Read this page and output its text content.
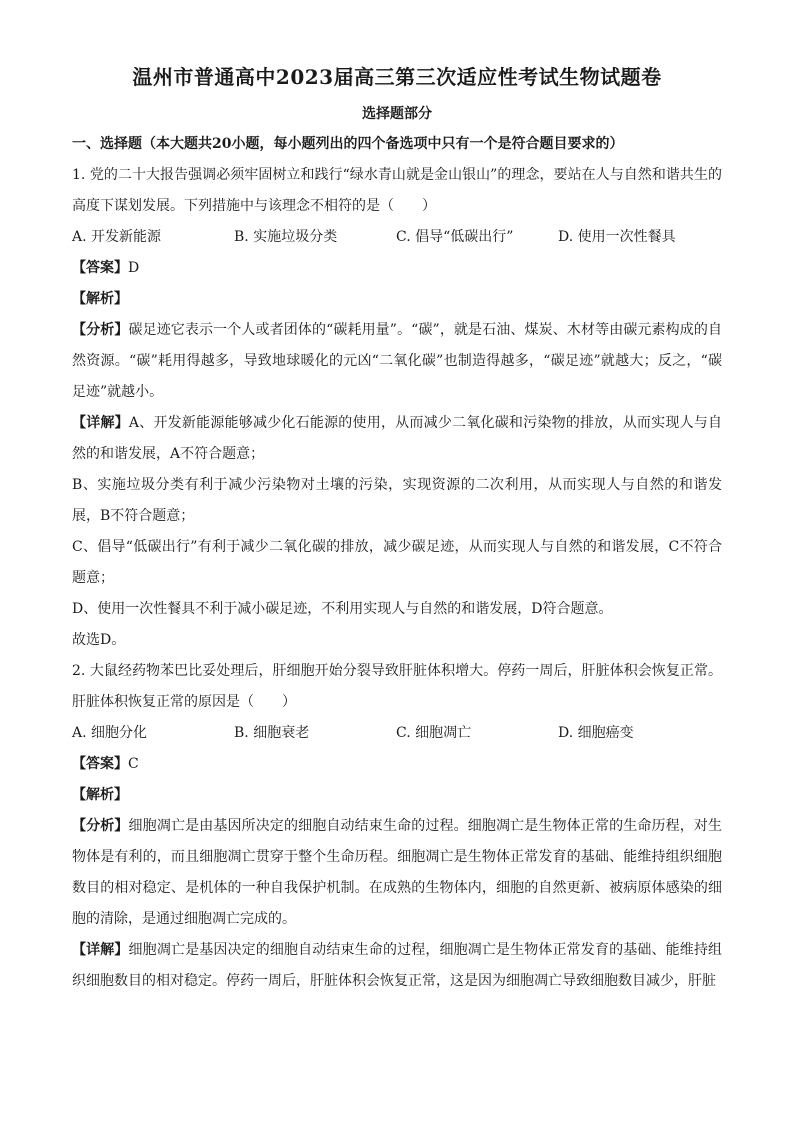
温州市普通高中2023届高三第三次适应性考试生物试题卷
选择题部分
一、选择题（本大题共20小题，每小题列出的四个备选项中只有一个是符合题目要求的）

1. 党的二十大报告强调必须牢固树立和践行“绿水青山就是金山银山”的理念，要站在人与自然和谐共生的高度下谋划发展。下列措施中与该理念不相符的是（　　）

A. 开发新能源	B. 实施垃圾分类	C. 倡导“低碳出行”	D. 使用一次性餐具

【答案】D

【解析】

【分析】碳足迹它表示一个人或者团体的“碳耗用量”。“碳”，就是石油、煤炭、木材等由碳元素构成的自然资源。“碳”耗用得越多，导致地球暖化的元凶“二氧化碳”也制造得越多，“碳足迹”就越大；反之，“碳足迹”就越小。

【详解】A、开发新能源能够减少化石能源的使用，从而减少二氧化碳和污染物的排放，从而实现人与自然的和谐发展，A不符合题意；

B、实施垃圾分类有利于减少污染物对土壤的污染，实现资源的二次利用，从而实现人与自然的和谐发展，B不符合题意；

C、倡导“低碳出行”有利于减少二氧化碳的排放，减少碳足迹，从而实现人与自然的和谐发展，C不符合题意；

D、使用一次性餐具不利于减小碳足迹，不利用实现人与自然的和谐发展，D符合题意。

故选D。

2. 大鼠经药物苯巴比妥处理后，肝细胞开始分裂导致肝脏体积增大。停药一周后，肝脏体积会恢复正常。肝脏体积恢复正常的原因是（　　）

A. 细胞分化	B. 细胞衰老	C. 细胞凋亡	D. 细胞癌变

【答案】C

【解析】

【分析】细胞凋亡是由基因所决定的细胞自动结束生命的过程。细胞凋亡是生物体正常的生命历程，对生物体是有利的，而且细胞凋亡贯穿于整个生命历程。细胞凋亡是生物体正常发育的基础、能维持组织细胞数目的相对稳定、是机体的一种自我保护机制。在成熟的生物体内，细胞的自然更新、被病原体感染的细胞的清除，是通过细胞凋亡完成的。

【详解】细胞凋亡是基因决定的细胞自动结束生命的过程，细胞凋亡是生物体正常发育的基础、能维持组织细胞数目的相对稳定。停药一周后，肝脏体积会恢复正常，这是因为细胞凋亡导致细胞数目减少，肝脏
